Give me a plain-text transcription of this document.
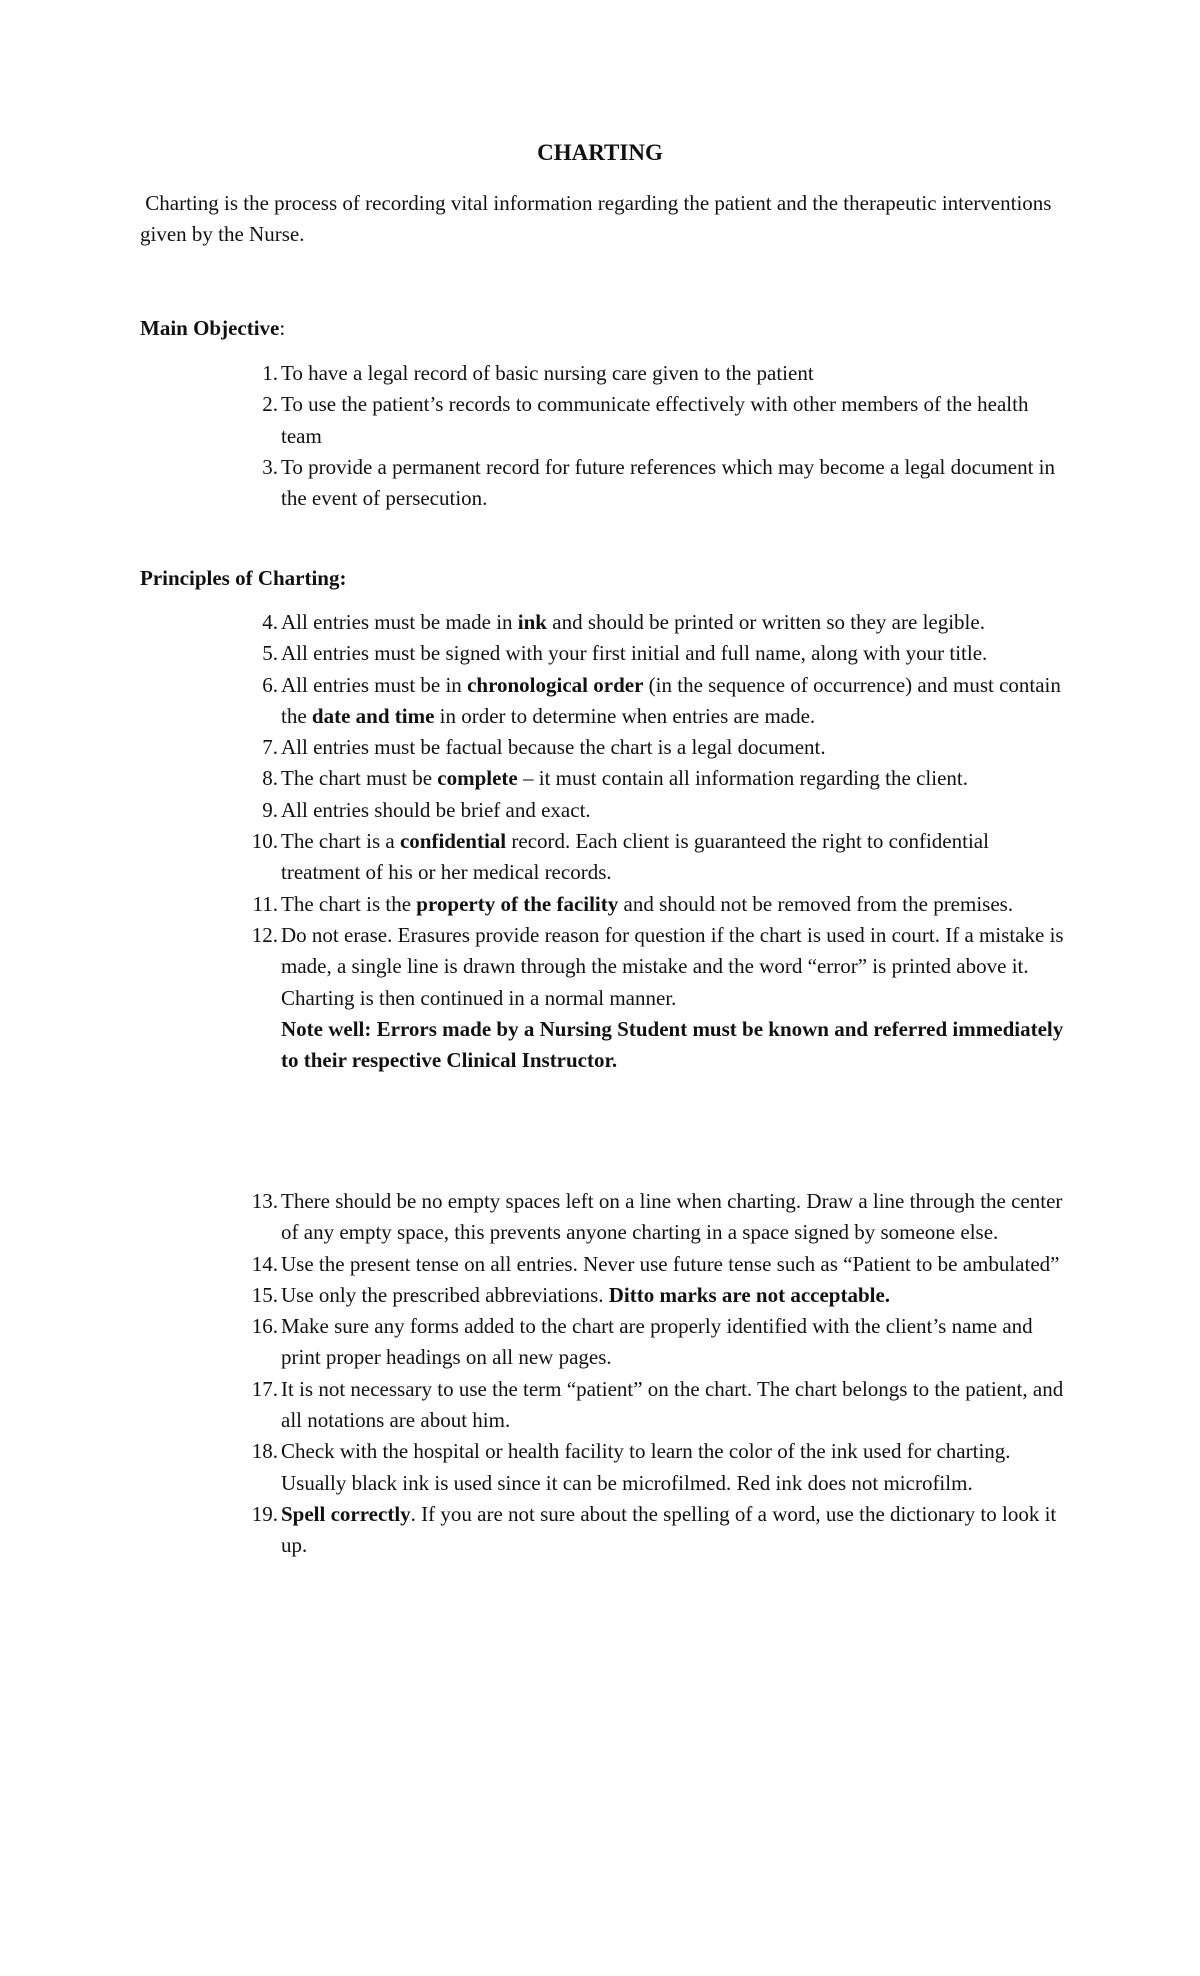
CHARTING
Charting is the process of recording vital information regarding the patient and the therapeutic interventions given by the Nurse.
Main Objective:
1. To have a legal record of basic nursing care given to the patient
2. To use the patient’s records to communicate effectively with other members of the health team
3. To provide a permanent record for future references which may become a legal document in the event of persecution.
Principles of Charting:
4. All entries must be made in ink and should be printed or written so they are legible.
5. All entries must be signed with your first initial and full name, along with your title.
6. All entries must be in chronological order (in the sequence of occurrence) and must contain the date and time in order to determine when entries are made.
7. All entries must be factual because the chart is a legal document.
8. The chart must be complete – it must contain all information regarding the client.
9. All entries should be brief and exact.
10. The chart is a confidential record. Each client is guaranteed the right to confidential treatment of his or her medical records.
11. The chart is the property of the facility and should not be removed from the premises.
12. Do not erase. Erasures provide reason for question if the chart is used in court. If a mistake is made, a single line is drawn through the mistake and the word “error” is printed above it. Charting is then continued in a normal manner.
Note well: Errors made by a Nursing Student must be known and referred immediately to their respective Clinical Instructor.
13. There should be no empty spaces left on a line when charting. Draw a line through the center of any empty space, this prevents anyone charting in a space signed by someone else.
14. Use the present tense on all entries. Never use future tense such as “Patient to be ambulated”
15. Use only the prescribed abbreviations. Ditto marks are not acceptable.
16. Make sure any forms added to the chart are properly identified with the client’s name and print proper headings on all new pages.
17. It is not necessary to use the term “patient” on the chart. The chart belongs to the patient, and all notations are about him.
18. Check with the hospital or health facility to learn the color of the ink used for charting. Usually black ink is used since it can be microfilmed. Red ink does not microfilm.
19. Spell correctly. If you are not sure about the spelling of a word, use the dictionary to look it up.
